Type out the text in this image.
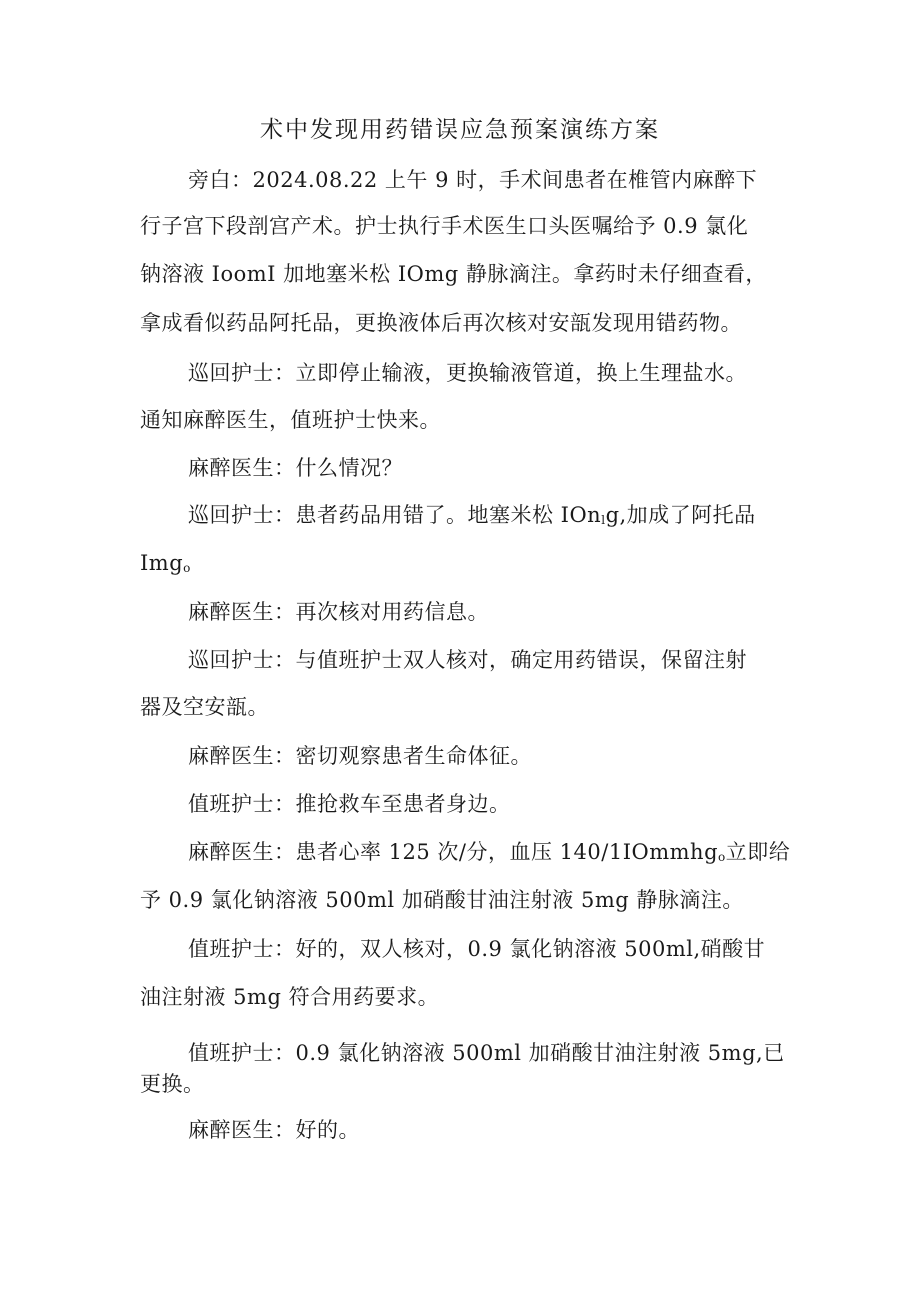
术中发现用药错误应急预案演练方案
旁白：2024.08.22 上午 9 时，手术间患者在椎管内麻醉下
行子宫下段剖宫产术。护士执行手术医生口头医嘱给予 0.9 氯化
钠溶液 IoomI 加地塞米松 IOmg 静脉滴注。拿药时未仔细查看，
拿成看似药品阿托品，更换液体后再次核对安瓿发现用错药物。
巡回护士：立即停止输液，更换输液管道，换上生理盐水。
通知麻醉医生，值班护士快来。
麻醉医生：什么情况？
巡回护士：患者药品用错了。地塞米松 IOn$_l$g,加成了阿托品
Img$_o$
麻醉医生：再次核对用药信息。
巡回护士：与值班护士双人核对，确定用药错误，保留注射
器及空安瓿。
麻醉医生：密切观察患者生命体征。
值班护士：推抢救车至患者身边。
麻醉医生：患者心率 125 次/分，血压 140/1IOmmhg$_o$立即给
予 0.9 氯化钠溶液 500ml 加硝酸甘油注射液 5mg 静脉滴注。
值班护士：好的，双人核对，0.9 氯化钠溶液 500ml,硝酸甘
油注射液 5mg 符合用药要求。
值班护士：0.9 氯化钠溶液 500ml 加硝酸甘油注射液 5mg,已
更换。
麻醉医生：好的。
